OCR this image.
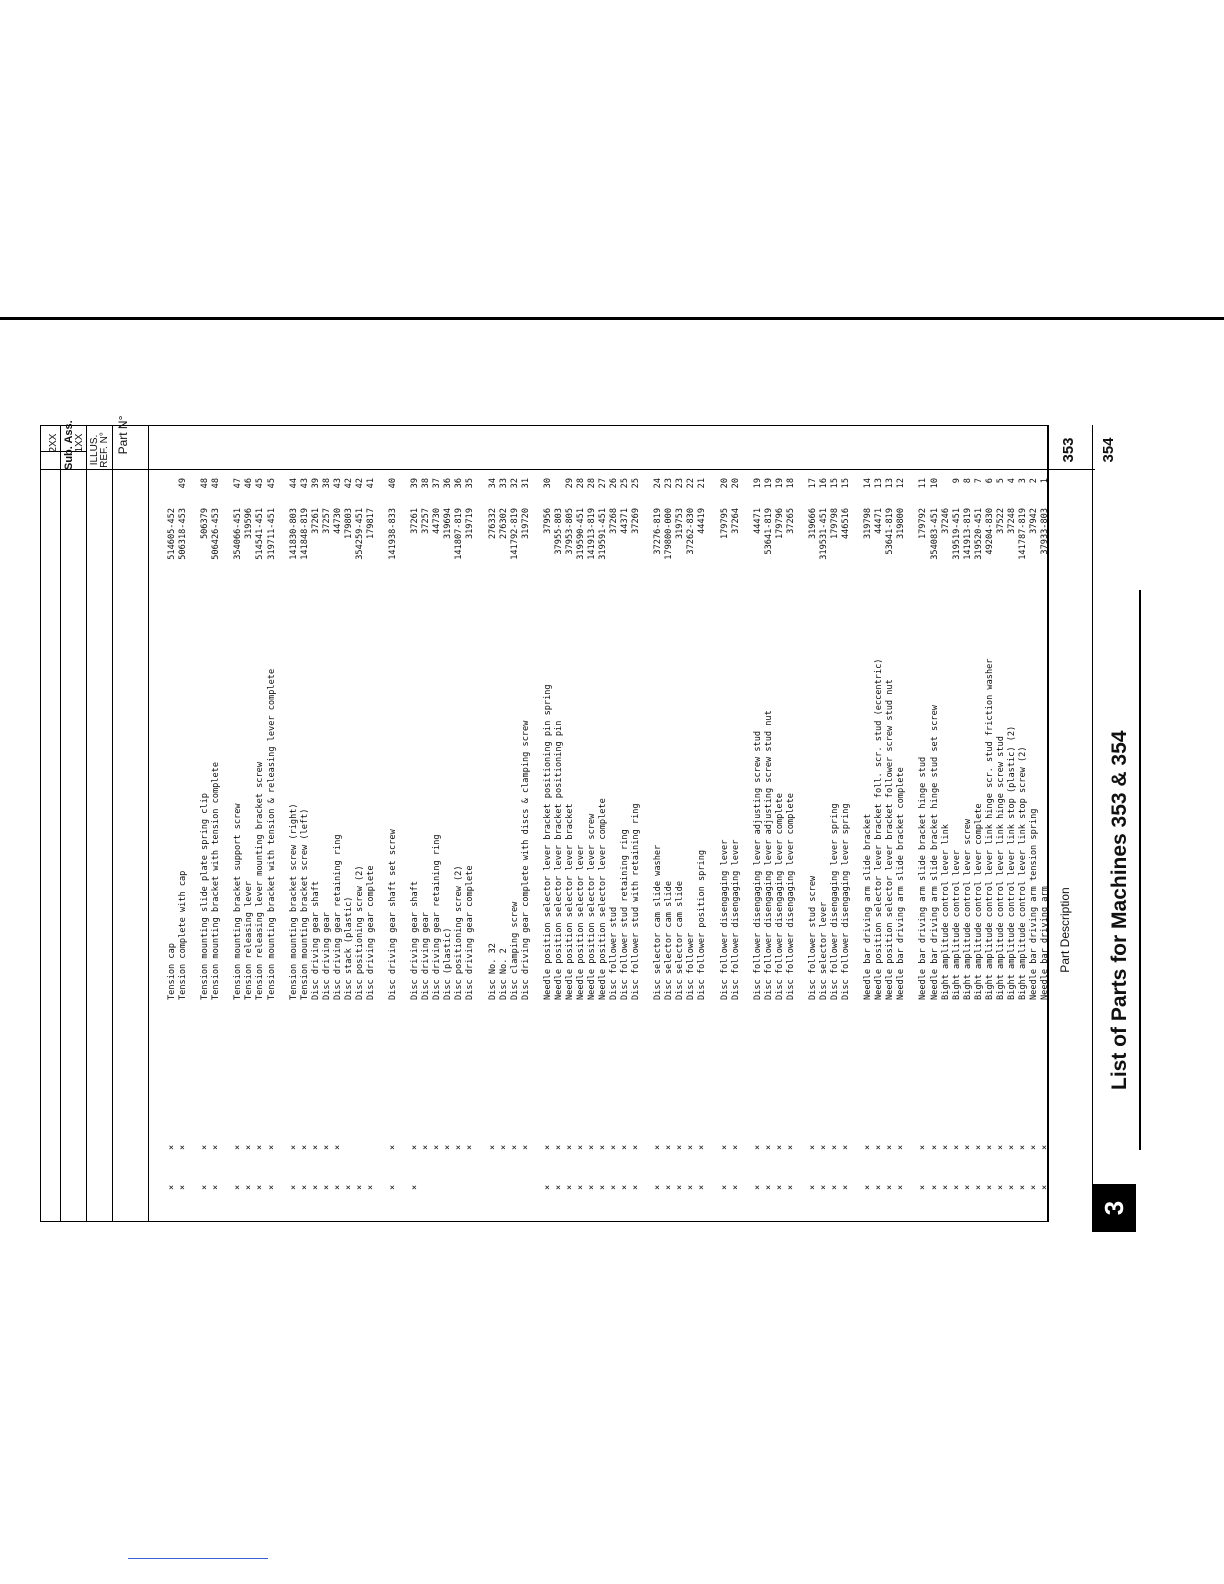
List of Parts for Machines 353 & 354
3
Sub. Ass.
2XX 1XX ILLUS. REF. N° Part N°
Part Description
353 354
1
37933-803
Needle bar driving arm
×
×
2
37942
Needle bar driving arm tension spring
×
×
3
141787-819
Bight amplitude control lever link stop screw (2)
×
×
4
37248
Bight amplitude control lever link stop (plastic) (2)
×
×
5
37522
Bight amplitude control lever link hinge screw stud
×
×
6
49204-830
Bight amplitude control lever link hinge scr. stud friction washer
×
×
7
319520-451
Bight amplitude control lever complete
×
×
8
141913-819
Bight amplitude control lever screw
×
×
9
319519-451
Bight amplitude control lever
×
×
37246
Bight amplitude control lever link
×
×
10
354083-451
Needle bar driving arm slide bracket hinge stud set screw
×
×
11
179792
Needle bar driving arm slide bracket hinge stud
×
×
12
319800
Needle bar driving arm slide bracket complete
×
×
13
53641-819
Needle position selector lever bracket follower screw stud nut
×
×
13
44471
Needle position selector lever bracket foll. scr. stud (eccentric)
×
×
14
319798
Needle bar driving arm slide bracket
×
×
15
446516
Disc follower disengaging lever spring
×
×
15
179798
Disc follower disengaging lever spring
×
×
16
319531-451
Disc selector lever
×
×
17
319666
Disc follower stud screw
×
×
18
37265
Disc follower disengaging lever complete
×
×
19
179796
Disc follower disengaging lever complete
×
×
19
53641-819
Disc follower disengaging lever adjusting screw stud nut
×
×
19
44471
Disc follower disengaging lever adjusting screw stud
×
×
20
37264
Disc follower disengaging lever
×
×
20
179795
Disc follower disengaging lever
×
×
21
44419
Disc follower position spring
×
×
22
37262-830
Disc follower
×
×
23
319753
Disc selector cam slide
×
×
23
179800-000
Disc selector cam slide
×
×
24
37276-819
Disc selector cam slide washer
×
×
25
37269
Disc follower stud with retaining ring
×
×
25
44371
Disc follower stud retaining ring
×
×
26
37268
Disc follower stud
×
×
27
319591-451
Needle position selector lever complete
×
×
28
141913-819
Needle position selector lever screw
×
×
28
319590-451
Needle position selector lever
×
×
29
37953-805
Needle position selector lever bracket
×
×
37955-803
Needle position selector lever bracket positioning pin
×
×
30
37956
Needle position selector lever bracket positioning pin spring
×
×
31
319720
Disc driving gear complete with discs & clamping screw
×
32
141792-819
Disc clamping screw
×
33
276302
Disc No. 2
×
34
276332
Disc No. 32
×
35
319719
Disc driving gear complete
×
36
141807-819
Disc positioning screw (2)
×
36
319694
Disc (plastic)
×
37
44730
Disc driving gear retaining ring
×
38
37257
Disc driving gear
×
39
37261
Disc driving gear shaft
×
×
40
141938-833
Disc driving gear shaft set screw
×
×
41
179817
Disc driving gear complete
×
42
354259-451
Disc positioning screw (2)
×
42
179803
Disc stack (plastic)
×
43
44730
Disc driving gear retaining ring
×
×
38
37257
Disc driving gear
×
×
39
37261
Disc driving gear shaft
×
×
43
141848-819
Tension mounting bracket screw (left)
×
×
44
141830-803
Tension mounting bracket screw (right)
×
×
45
319711-451
Tension mounting bracket with tension & releasing lever complete
×
×
45
514541-451
Tension releasing lever mounting bracket screw
×
×
46
319596
Tension releasing lever
×
×
47
354066-451
Tension mounting bracket support screw
×
×
48
506426-453
Tension mounting bracket with tension complete
×
×
48
506379
Tension mounting slide plate spring clip
×
×
49
506318-453
Tension complete with cap
×
×
514605-452
Tension cap
×
×
